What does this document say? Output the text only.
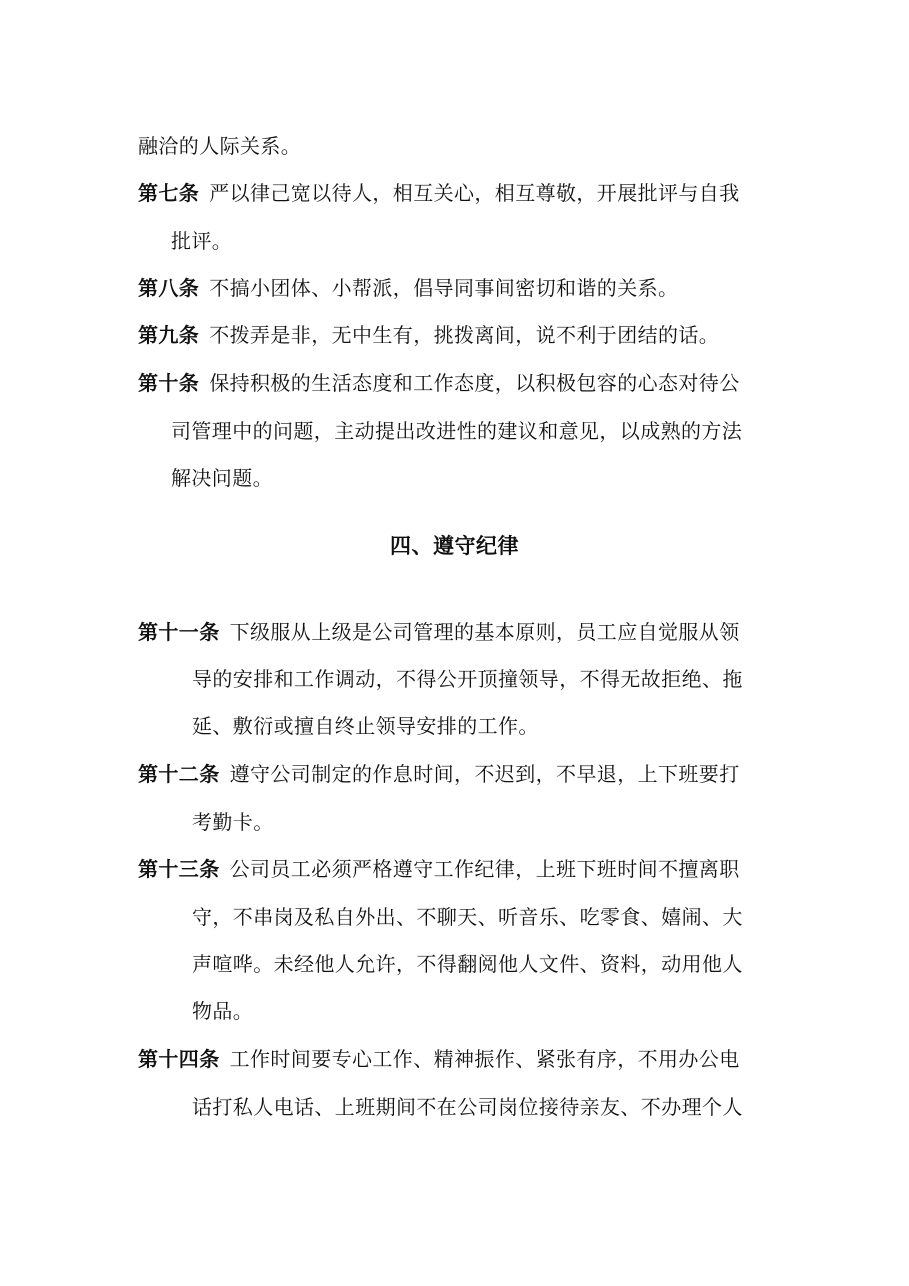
融洽的人际关系。
第七条 严以律己宽以待人，相互关心，相互尊敬，开展批评与自我
批评。
第八条 不搞小团体、小帮派，倡导同事间密切和谐的关系。
第九条 不拨弄是非，无中生有，挑拨离间，说不利于团结的话。
第十条 保持积极的生活态度和工作态度，以积极包容的心态对待公
司管理中的问题，主动提出改进性的建议和意见，以成熟的方法
解决问题。
四、遵守纪律
第十一条 下级服从上级是公司管理的基本原则，员工应自觉服从领
导的安排和工作调动，不得公开顶撞领导，不得无故拒绝、拖
延、敷衍或擅自终止领导安排的工作。
第十二条 遵守公司制定的作息时间，不迟到，不早退，上下班要打
考勤卡。
第十三条 公司员工必须严格遵守工作纪律，上班下班时间不擅离职
守，不串岗及私自外出、不聊天、听音乐、吃零食、嬉闹、大
声喧哗。未经他人允许，不得翻阅他人文件、资料，动用他人
物品。
第十四条 工作时间要专心工作、精神振作、紧张有序，不用办公电
话打私人电话、上班期间不在公司岗位接待亲友、不办理个人
